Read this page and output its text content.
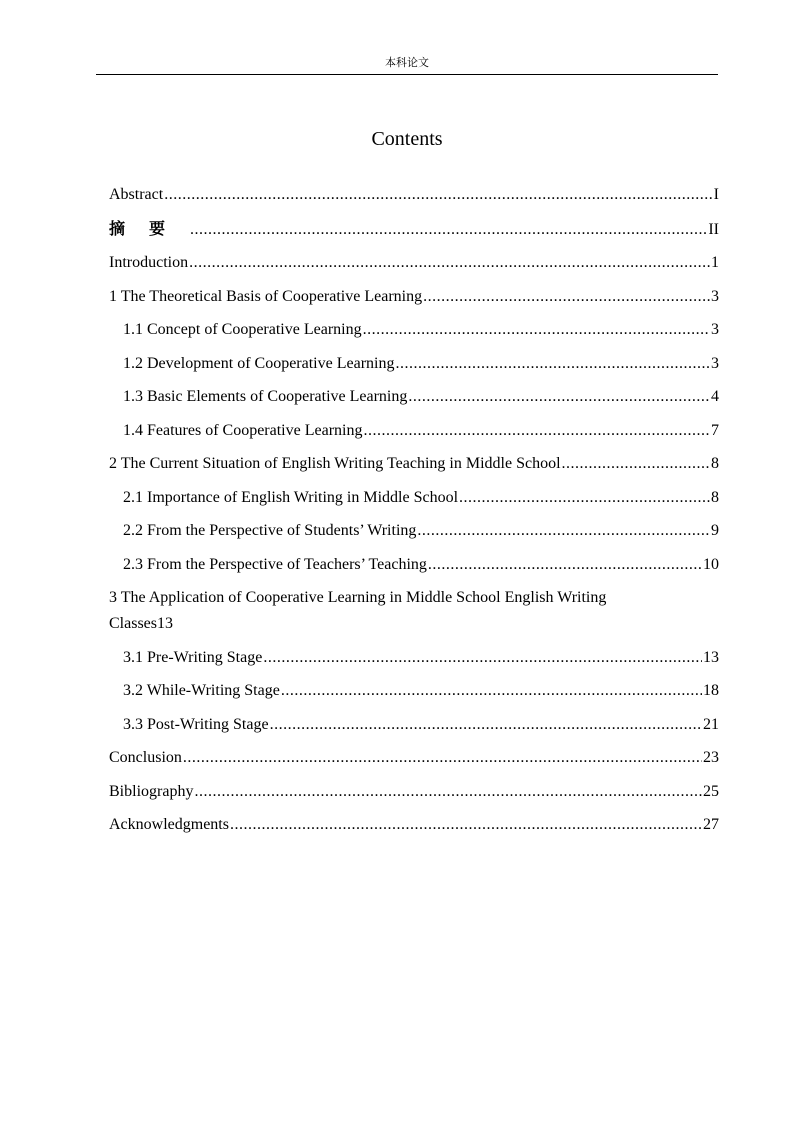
本科论文
Contents
Abstract .....	I
摘要 .....	II
Introduction .....	1
1 The Theoretical Basis of Cooperative Learning .....	3
1.1 Concept of Cooperative Learning .....	3
1.2 Development of Cooperative Learning .....	3
1.3 Basic Elements of Cooperative Learning .....	4
1.4 Features of Cooperative Learning .....	7
2 The Current Situation of English Writing Teaching in Middle School .....	8
2.1 Importance of English Writing in Middle School .....	8
2.2 From the Perspective of Students’ Writing .....	9
2.3 From the Perspective of Teachers’ Teaching .....	10
3 The Application of Cooperative Learning in Middle School English Writing
Classes 13
3.1 Pre-Writing Stage .....	13
3.2 While-Writing Stage .....	18
3.3 Post-Writing Stage .....	21
Conclusion .....	23
Bibliography .....	25
Acknowledgments .....	27
